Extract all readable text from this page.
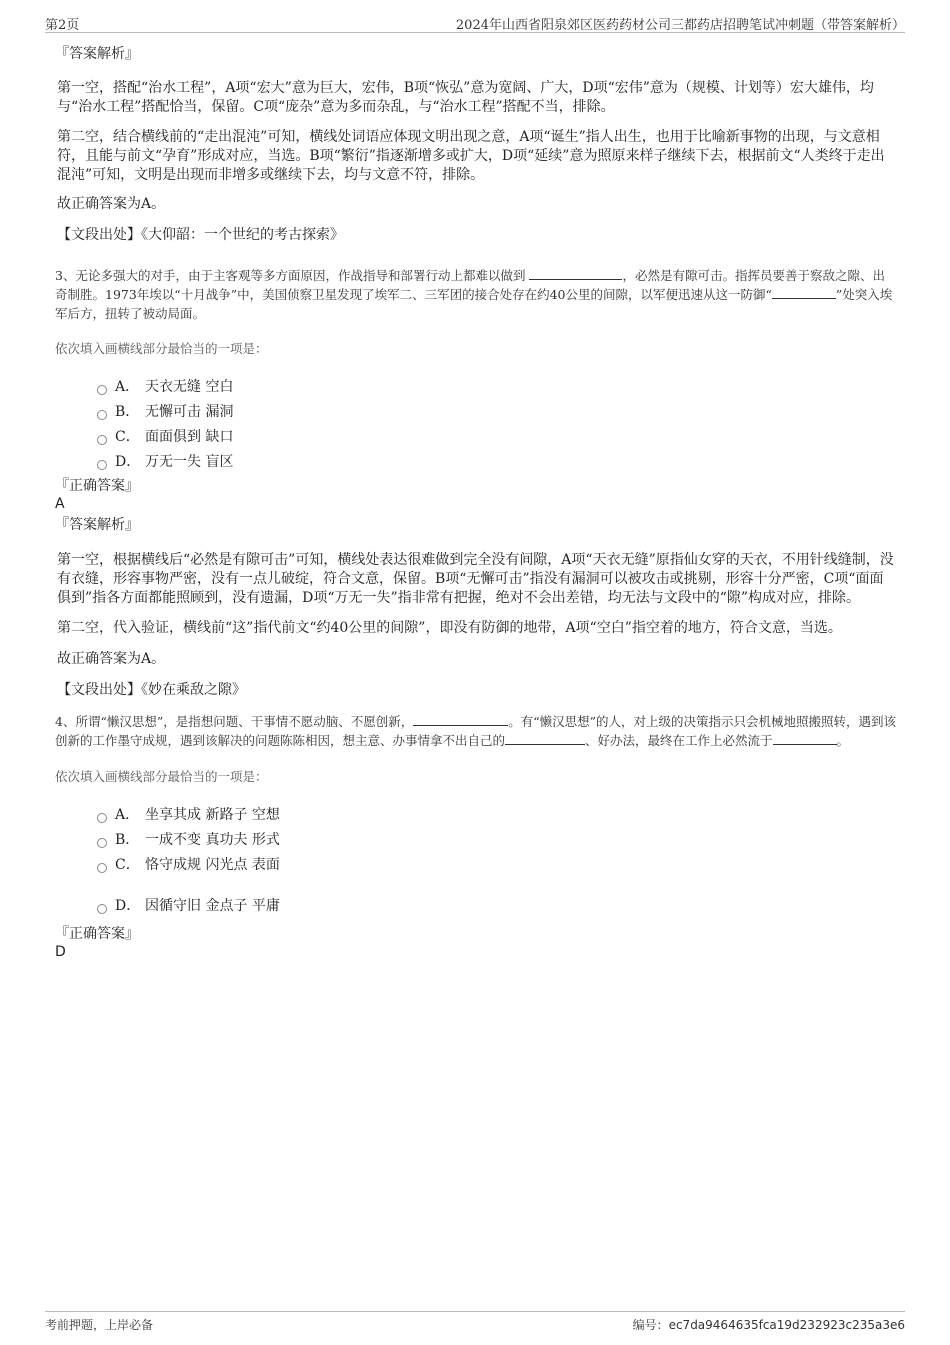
第2页	2024年山西省阳泉郊区医药药材公司三都药店招聘笔试冲刺题（带答案解析）

『答案解析』

第一空，搭配“治水工程”，A项“宏大”意为巨大，宏伟，B项“恢弘”意为宽阔、广大，D项“宏伟”意为（规模、计划等）宏大雄伟，均与“治水工程”搭配恰当，保留。C项“庞杂”意为多而杂乱，与“治水工程”搭配不当，排除。

第二空，结合横线前的“走出混沌”可知，横线处词语应体现文明出现之意，A项“诞生”指人出生，也用于比喻新事物的出现，与文意相符，且能与前文“孕育”形成对应，当选。B项“繁衍”指逐渐增多或扩大，D项“延续”意为照原来样子继续下去，根据前文“人类终于走出混沌”可知，文明是出现而非增多或继续下去，均与文意不符，排除。

故正确答案为A。

【文段出处】《大仰韶：一个世纪的考古探索》

3、无论多强大的对手，由于主客观等多方面原因，作战指导和部署行动上都难以做到	，必然是有隙可击。指挥员要善于察敌之隙、出奇制胜。1973年埃以“十月战争”中，美国侦察卫星发现了埃军二、三军团的接合处存在约40公里的间隙，以军便迅速从这一防御“	”处突入埃军后方，扭转了被动局面。

依次填入画横线部分最恰当的一项是：

A． 天衣无缝 空白
B． 无懈可击 漏洞
C． 面面俱到 缺口
D． 万无一失 盲区

『正确答案』

A

『答案解析』

第一空，根据横线后“必然是有隙可击”可知，横线处表达很难做到完全没有间隙，A项“天衣无缝”原指仙女穿的天衣，不用针线缝制，没有衣缝，形容事物严密，没有一点儿破绽，符合文意，保留。B项“无懈可击”指没有漏洞可以被攻击或挑剔，形容十分严密，C项“面面俱到”指各方面都能照顾到，没有遗漏，D项“万无一失”指非常有把握，绝对不会出差错，均无法与文段中的“隙”构成对应，排除。

第二空，代入验证，横线前“这”指代前文“约40公里的间隙”，即没有防御的地带，A项“空白”指空着的地方，符合文意，当选。

故正确答案为A。

【文段出处】《妙在乘敌之隙》

4、所谓“懒汉思想”，是指想问题、干事情不愿动脑、不愿创新，	。有“懒汉思想”的人，对上级的决策指示只会机械地照搬照转，遇到该创新的工作墨守成规，遇到该解决的问题陈陈相因，想主意、办事情拿不出自己的	、好办法，最终在工作上必然流于	。

依次填入画横线部分最恰当的一项是：

A． 坐享其成 新路子 空想
B． 一成不变 真功夫 形式
C． 恪守成规 闪光点 表面
D． 因循守旧 金点子 平庸

『正确答案』

D

考前押题，上岸必备	编号：ec7da9464635fca19d232923c235a3e6
